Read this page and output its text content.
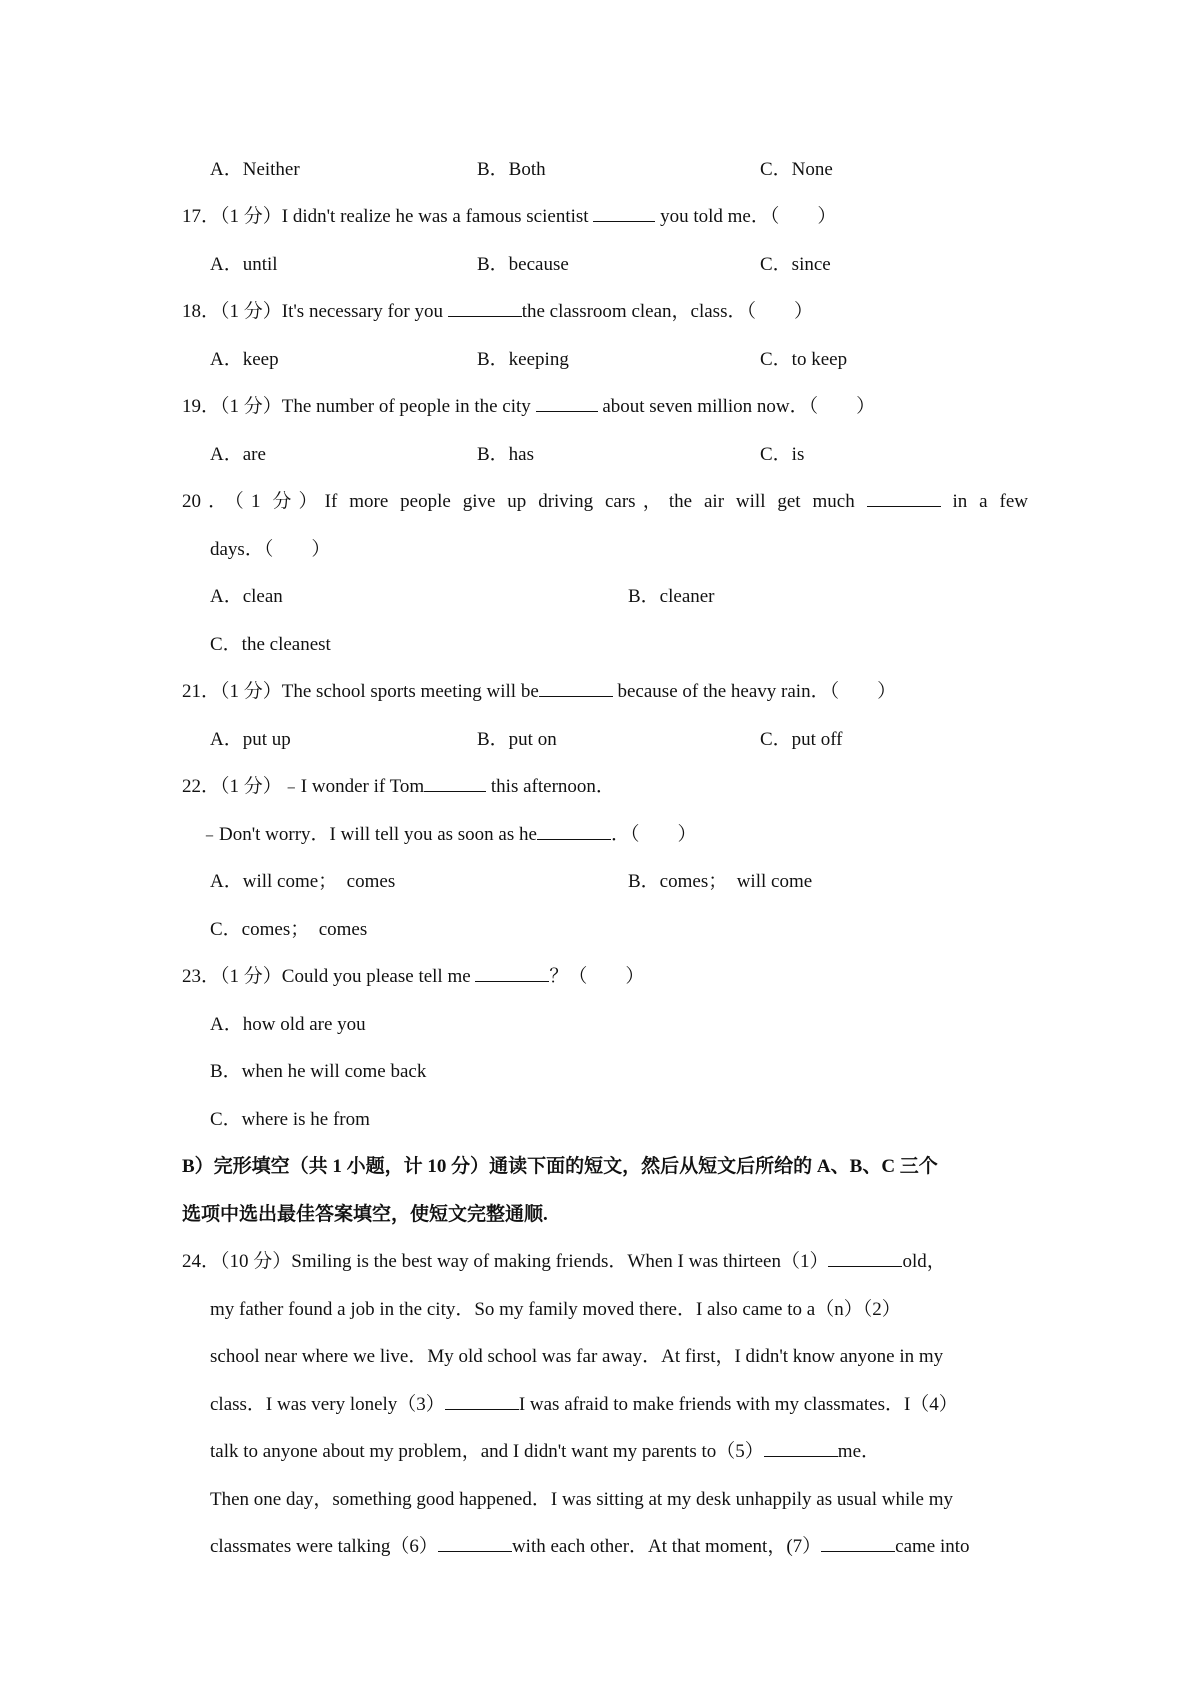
A．Neither	B．Both	C．None
17．（1 分）I didn't realize he was a famous scientist	you told me．（　　）
A．until	B．because	C．since
18．（1 分）It's necessary for you	the classroom clean，class．（　　）
A．keep	B．keeping	C．to keep
19．（1 分）The number of people in the city	about seven million now．（　　）
A．are	B．has	C．is
20．（1 分）If more people give up driving cars，the air will get much	in a few
days．（　　）
A．clean	B．cleaner
C．the cleanest
21．（1 分）The school sports meeting will be	because of the heavy rain．（　　）
A．put up	B．put on	C．put off
22．（1 分）﹣I wonder if Tom	this afternoon．
﹣Don't worry．I will tell you as soon as he	．（　　）
A．will come；  comes	B．comes；  will come
C．comes；  comes
23．（1 分）Could you please tell me	？（　　）
A．how old are you
B．when he will come back
C．where is he from
B）完形填空（共 1 小题，计 10 分）通读下面的短文，然后从短文后所给的 A、B、C 三个
选项中选出最佳答案填空，使短文完整通顺.
24．（10 分）Smiling is the best way of making friends．When I was thirteen（1）	old，
my father found a job in the city．So my family moved there．I also came to a（n）（2）
school near where we live．My old school was far away．At first，I didn't know anyone in my
class．I was very lonely（3）	I was afraid to make friends with my classmates．I（4）
talk to anyone about my problem，and I didn't want my parents to（5）	me．
Then one day，something good happened．I was sitting at my desk unhappily as usual while my
classmates were talking（6）	with each other．At that moment，(7）	came into
